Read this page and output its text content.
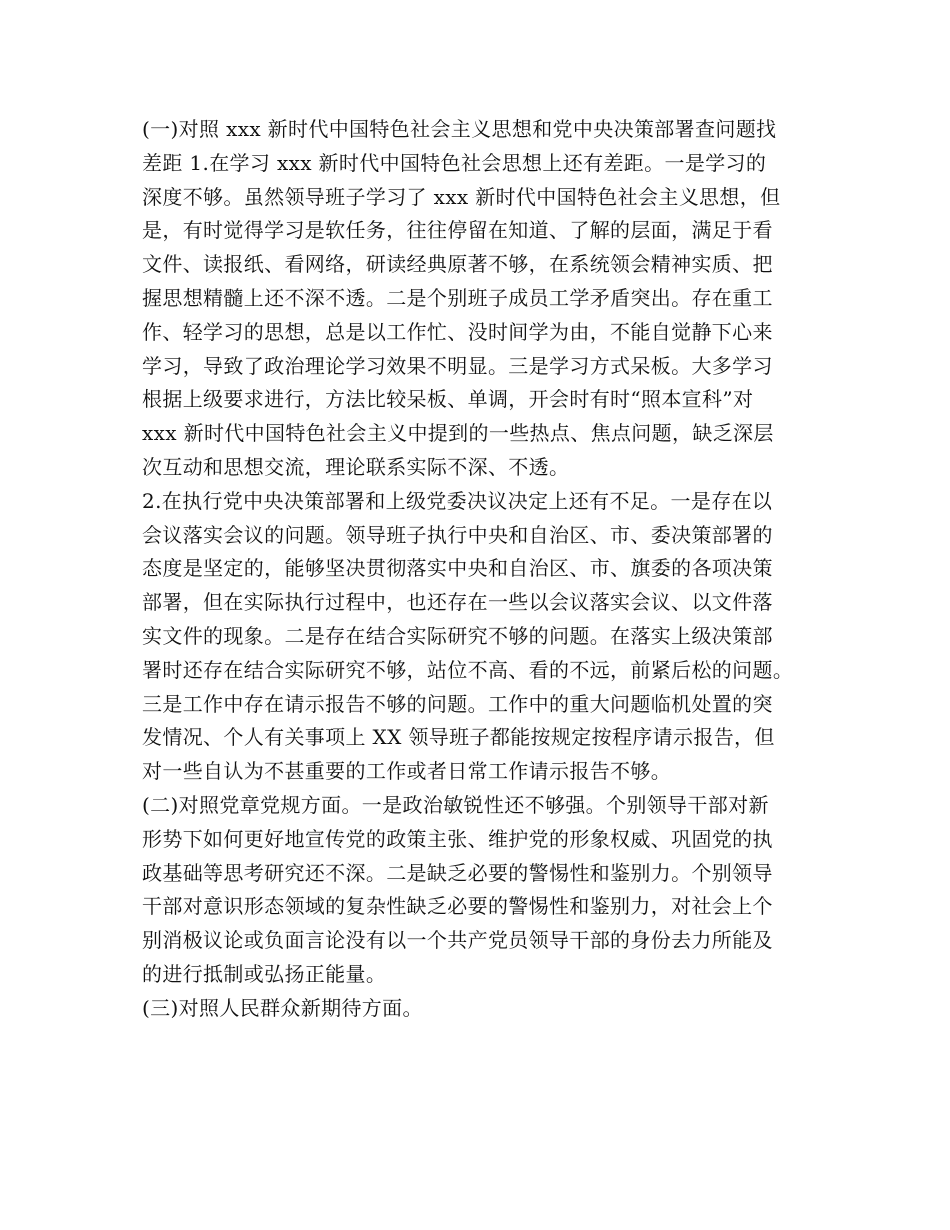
(一)对照 xxx 新时代中国特色社会主义思想和党中央决策部署查问题找

差距 1.在学习 xxx 新时代中国特色社会思想上还有差距。一是学习的

深度不够。虽然领导班子学习了 xxx 新时代中国特色社会主义思想，但

是，有时觉得学习是软任务，往往停留在知道、了解的层面，满足于看

文件、读报纸、看网络，研读经典原著不够，在系统领会精神实质、把

握思想精髓上还不深不透。二是个别班子成员工学矛盾突出。存在重工

作、轻学习的思想，总是以工作忙、没时间学为由，不能自觉静下心来

学习，导致了政治理论学习效果不明显。三是学习方式呆板。大多学习

根据上级要求进行，方法比较呆板、单调，开会时有时“照本宣科”对

xxx 新时代中国特色社会主义中提到的一些热点、焦点问题，缺乏深层

次互动和思想交流，理论联系实际不深、不透。

2.在执行党中央决策部署和上级党委决议决定上还有不足。一是存在以

会议落实会议的问题。领导班子执行中央和自治区、市、委决策部署的

态度是坚定的，能够坚决贯彻落实中央和自治区、市、旗委的各项决策

部署，但在实际执行过程中，也还存在一些以会议落实会议、以文件落

实文件的现象。二是存在结合实际研究不够的问题。在落实上级决策部

署时还存在结合实际研究不够，站位不高、看的不远，前紧后松的问题。

三是工作中存在请示报告不够的问题。工作中的重大问题临机处置的突

发情况、个人有关事项上 XX 领导班子都能按规定按程序请示报告，但

对一些自认为不甚重要的工作或者日常工作请示报告不够。

(二)对照党章党规方面。一是政治敏锐性还不够强。个别领导干部对新

形势下如何更好地宣传党的政策主张、维护党的形象权威、巩固党的执

政基础等思考研究还不深。二是缺乏必要的警惕性和鉴别力。个别领导

干部对意识形态领域的复杂性缺乏必要的警惕性和鉴别力，对社会上个

别消极议论或负面言论没有以一个共产党员领导干部的身份去力所能及

的进行抵制或弘扬正能量。

(三)对照人民群众新期待方面。
